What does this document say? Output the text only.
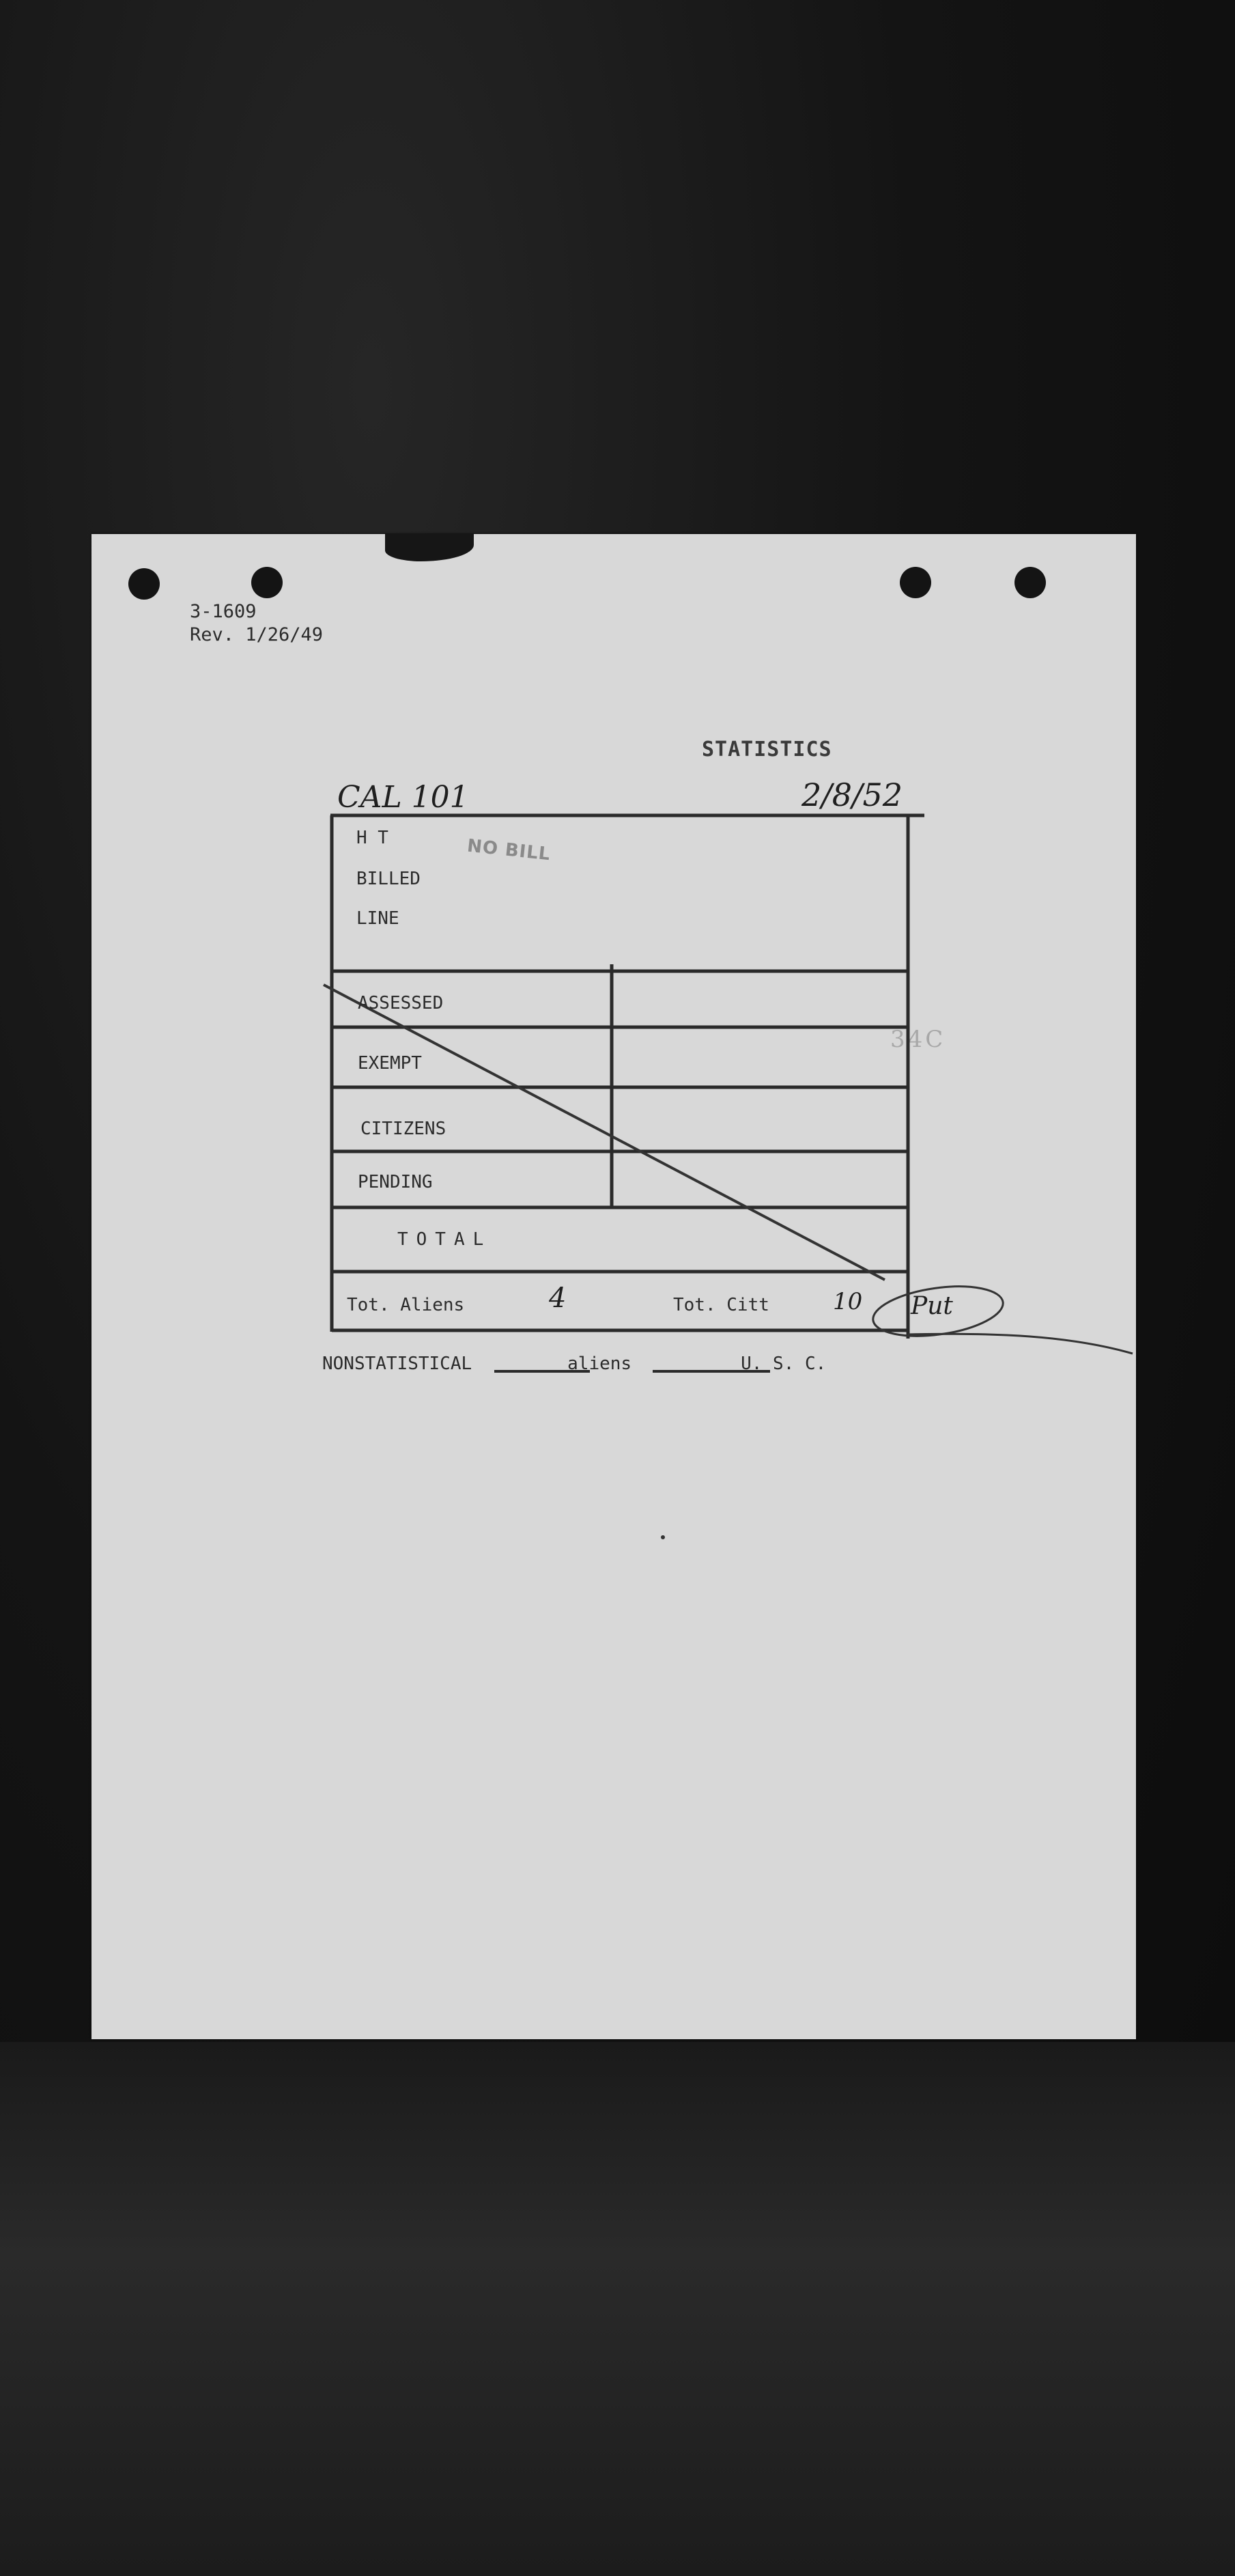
3-1609
Rev. 1/26/49
STATISTICS
CAL 101	2/8/52
NO BILL
34C
H T
BILLED
LINE
ASSESSED
EXEMPT
CITIZENS
PENDING
TOTAL
Tot. Aliens	4	Tot. Citt	10 Put
NONSTATISTICAL	aliens	U. S. C.
